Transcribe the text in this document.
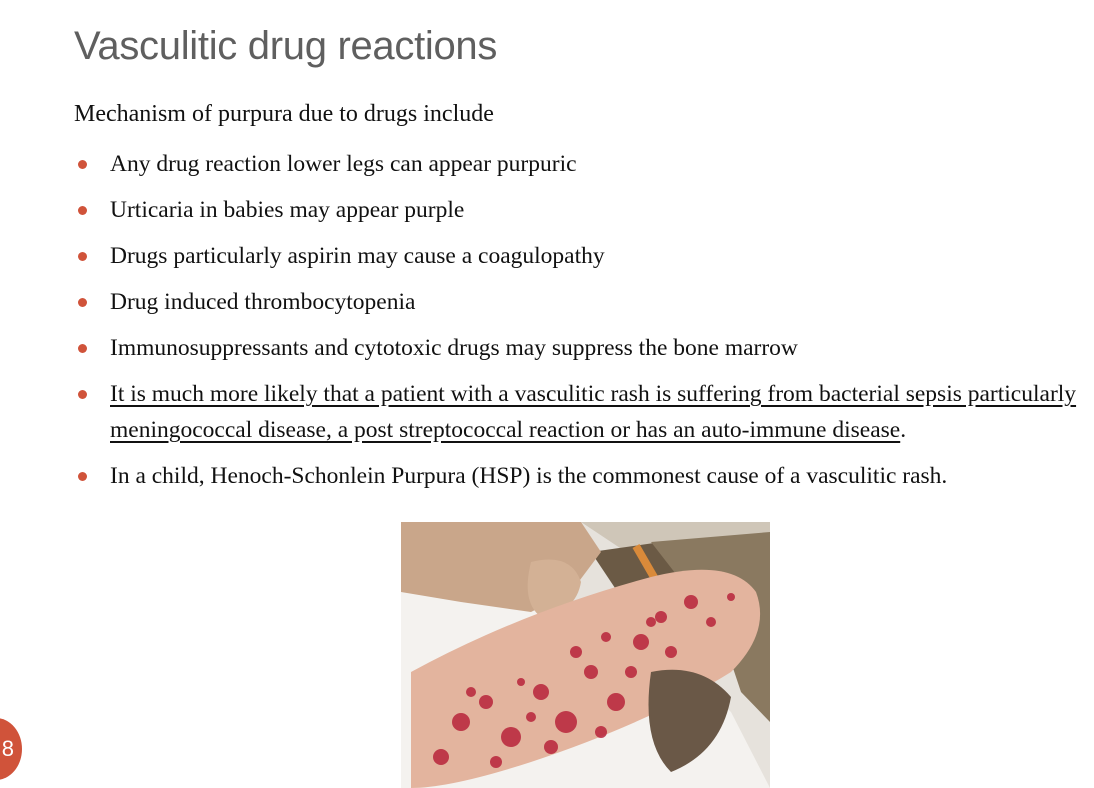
Vasculitic drug reactions
Mechanism of purpura due to drugs include
Any drug reaction lower legs can appear purpuric
Urticaria in babies may appear purple
Drugs particularly aspirin may cause a coagulopathy
Drug induced thrombocytopenia
Immunosuppressants and cytotoxic drugs may suppress the bone marrow
It is much more likely that a patient with a vasculitic rash is suffering from bacterial sepsis particularly meningococcal disease, a post streptococcal reaction or has an auto-immune disease.
In a child, Henoch-Schonlein Purpura (HSP) is the commonest cause of a vasculitic rash.
8
